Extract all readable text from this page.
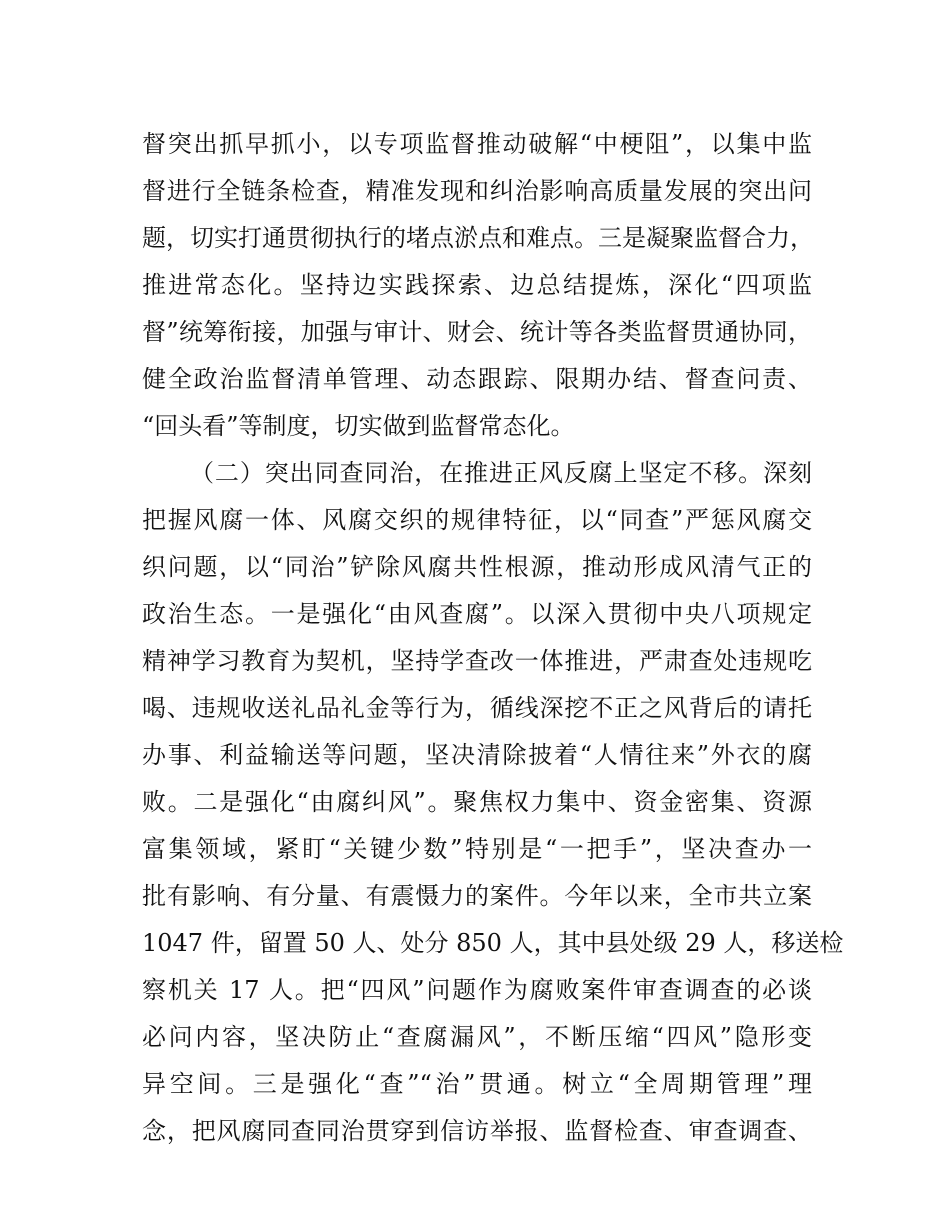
督突出抓早抓小，以专项监督推动破解“中梗阻”，以集中监
督进行全链条检查，精准发现和纠治影响高质量发展的突出问
题，切实打通贯彻执行的堵点淤点和难点。三是凝聚监督合力，
推进常态化。坚持边实践探索、边总结提炼，深化“四项监
督”统筹衔接，加强与审计、财会、统计等各类监督贯通协同，
健全政治监督清单管理、动态跟踪、限期办结、督查问责、
“回头看”等制度，切实做到监督常态化。
（二）突出同查同治，在推进正风反腐上坚定不移。深刻
把握风腐一体、风腐交织的规律特征，以“同查”严惩风腐交
织问题，以“同治”铲除风腐共性根源，推动形成风清气正的
政治生态。一是强化“由风查腐”。以深入贯彻中央八项规定
精神学习教育为契机，坚持学查改一体推进，严肃查处违规吃
喝、违规收送礼品礼金等行为，循线深挖不正之风背后的请托
办事、利益输送等问题，坚决清除披着“人情往来”外衣的腐
败。二是强化“由腐纠风”。聚焦权力集中、资金密集、资源
富集领域，紧盯“关键少数”特别是“一把手”，坚决查办一
批有影响、有分量、有震慑力的案件。今年以来，全市共立案
1047 件，留置 50 人、处分 850 人，其中县处级 29 人，移送检
察机关 17 人。把“四风”问题作为腐败案件审查调查的必谈
必问内容，坚决防止“查腐漏风”，不断压缩“四风”隐形变
异空间。三是强化“查”“治”贯通。树立“全周期管理”理
念，把风腐同查同治贯穿到信访举报、监督检查、审查调查、
